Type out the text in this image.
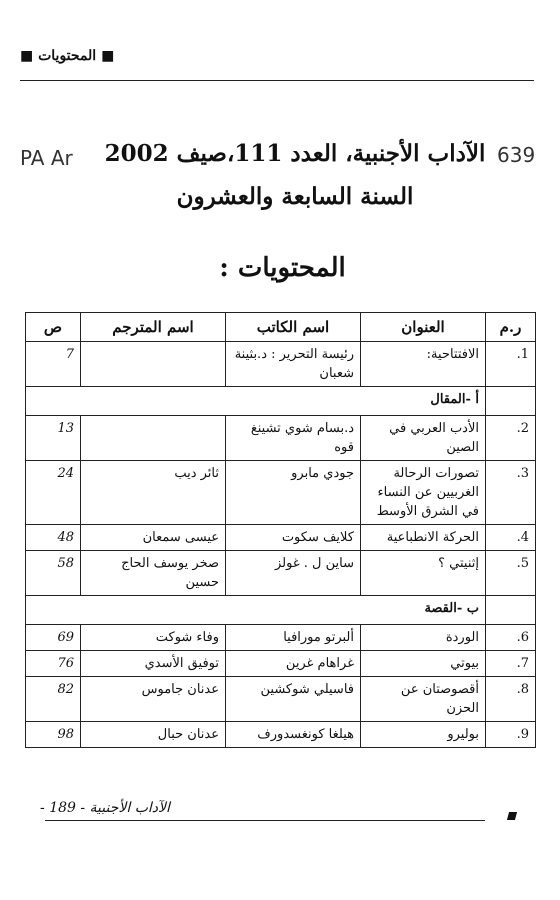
■ المحتويات ■
PA Ar	639
الآداب الأجنبية، العدد 111،صيف 2002
السنة السابعة والعشرون
المحتويات :
ر.م	العنوان	اسم الكاتب	اسم المترجم	ص
1.	الافتتاحية:	رئيسة التحرير : د.بثينة شعبان		7
	أ -المقال			
2.	الأدب العربي في الصين	د.بسام شوي تشينغ قوه		13
3.	تصورات الرحالة الغربيين عن النساء في الشرق الأوسط	جودي مابرو	ثائر ديب	24
4.	الحركة الانطباعية	كلايف سكوت	عيسى سمعان	48
5.	إثنيتي ؟	ساين ل . غولز	صخر يوسف الحاج حسين	58
	ب -القصة			
6.	الوردة	ألبرتو مورافيا	وفاء شوكت	69
7.	بيوتي	غراهام غرين	توفيق الأسدي	76
8.	أقصوصتان عن الحزن	فاسيلي شوكشين	عدنان جاموس	82
9.	بوليرو	هيلغا كونغسدورف	عدنان حبال	98
- الآداب الأجنبية - 189
